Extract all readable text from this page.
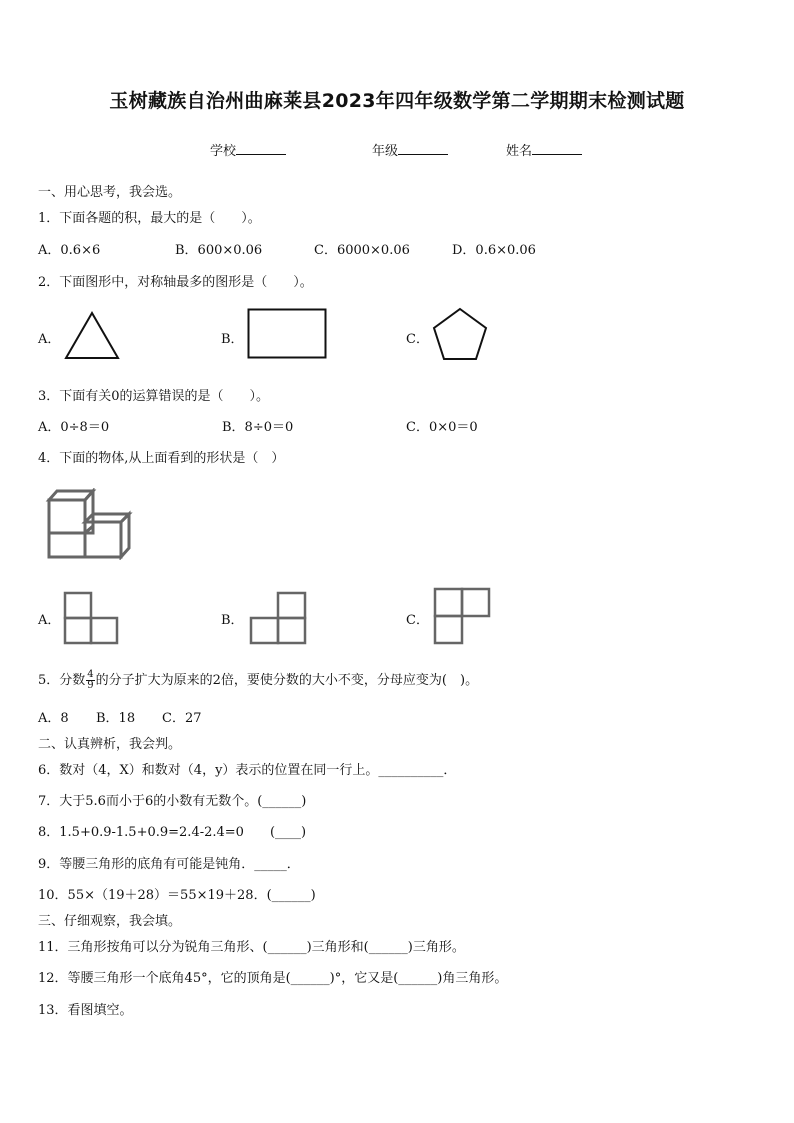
玉树藏族自治州曲麻莱县2023年四年级数学第二学期期末检测试题
学校	年级	姓名
一、用心思考，我会选。
1．下面各题的积，最大的是（　　）。
A．0.6×6	B．600×0.06	C．6000×0.06	D．0.6×0.06
2．下面图形中，对称轴最多的图形是（　　）。
A．	B．	C．
3．下面有关0的运算错误的是（　　）。
A．0÷8＝0	B．8÷0＝0	C．0×0＝0
4．下面的物体,从上面看到的形状是（　）
A．	B．	C．
5．分数 $\frac{4}{9}$ 的分子扩大为原来的2倍，要使分数的大小不变，分母应变为(　)。
A．8 B．18 C．27
二、认真辨析，我会判。
6．数对（4，X）和数对（4，y）表示的位置在同一行上。__________．
7．大于5.6而小于6的小数有无数个。(______)
8．1.5+0.9-1.5+0.9=2.4-2.4=0　　(____)
9．等腰三角形的底角有可能是钝角．_____．
10．55×（19＋28）＝55×19＋28．(______)
三、仔细观察，我会填。
11．三角形按角可以分为锐角三角形、(______)三角形和(______)三角形。
12．等腰三角形一个底角45°，它的顶角是(______)°，它又是(______)角三角形。
13．看图填空。
